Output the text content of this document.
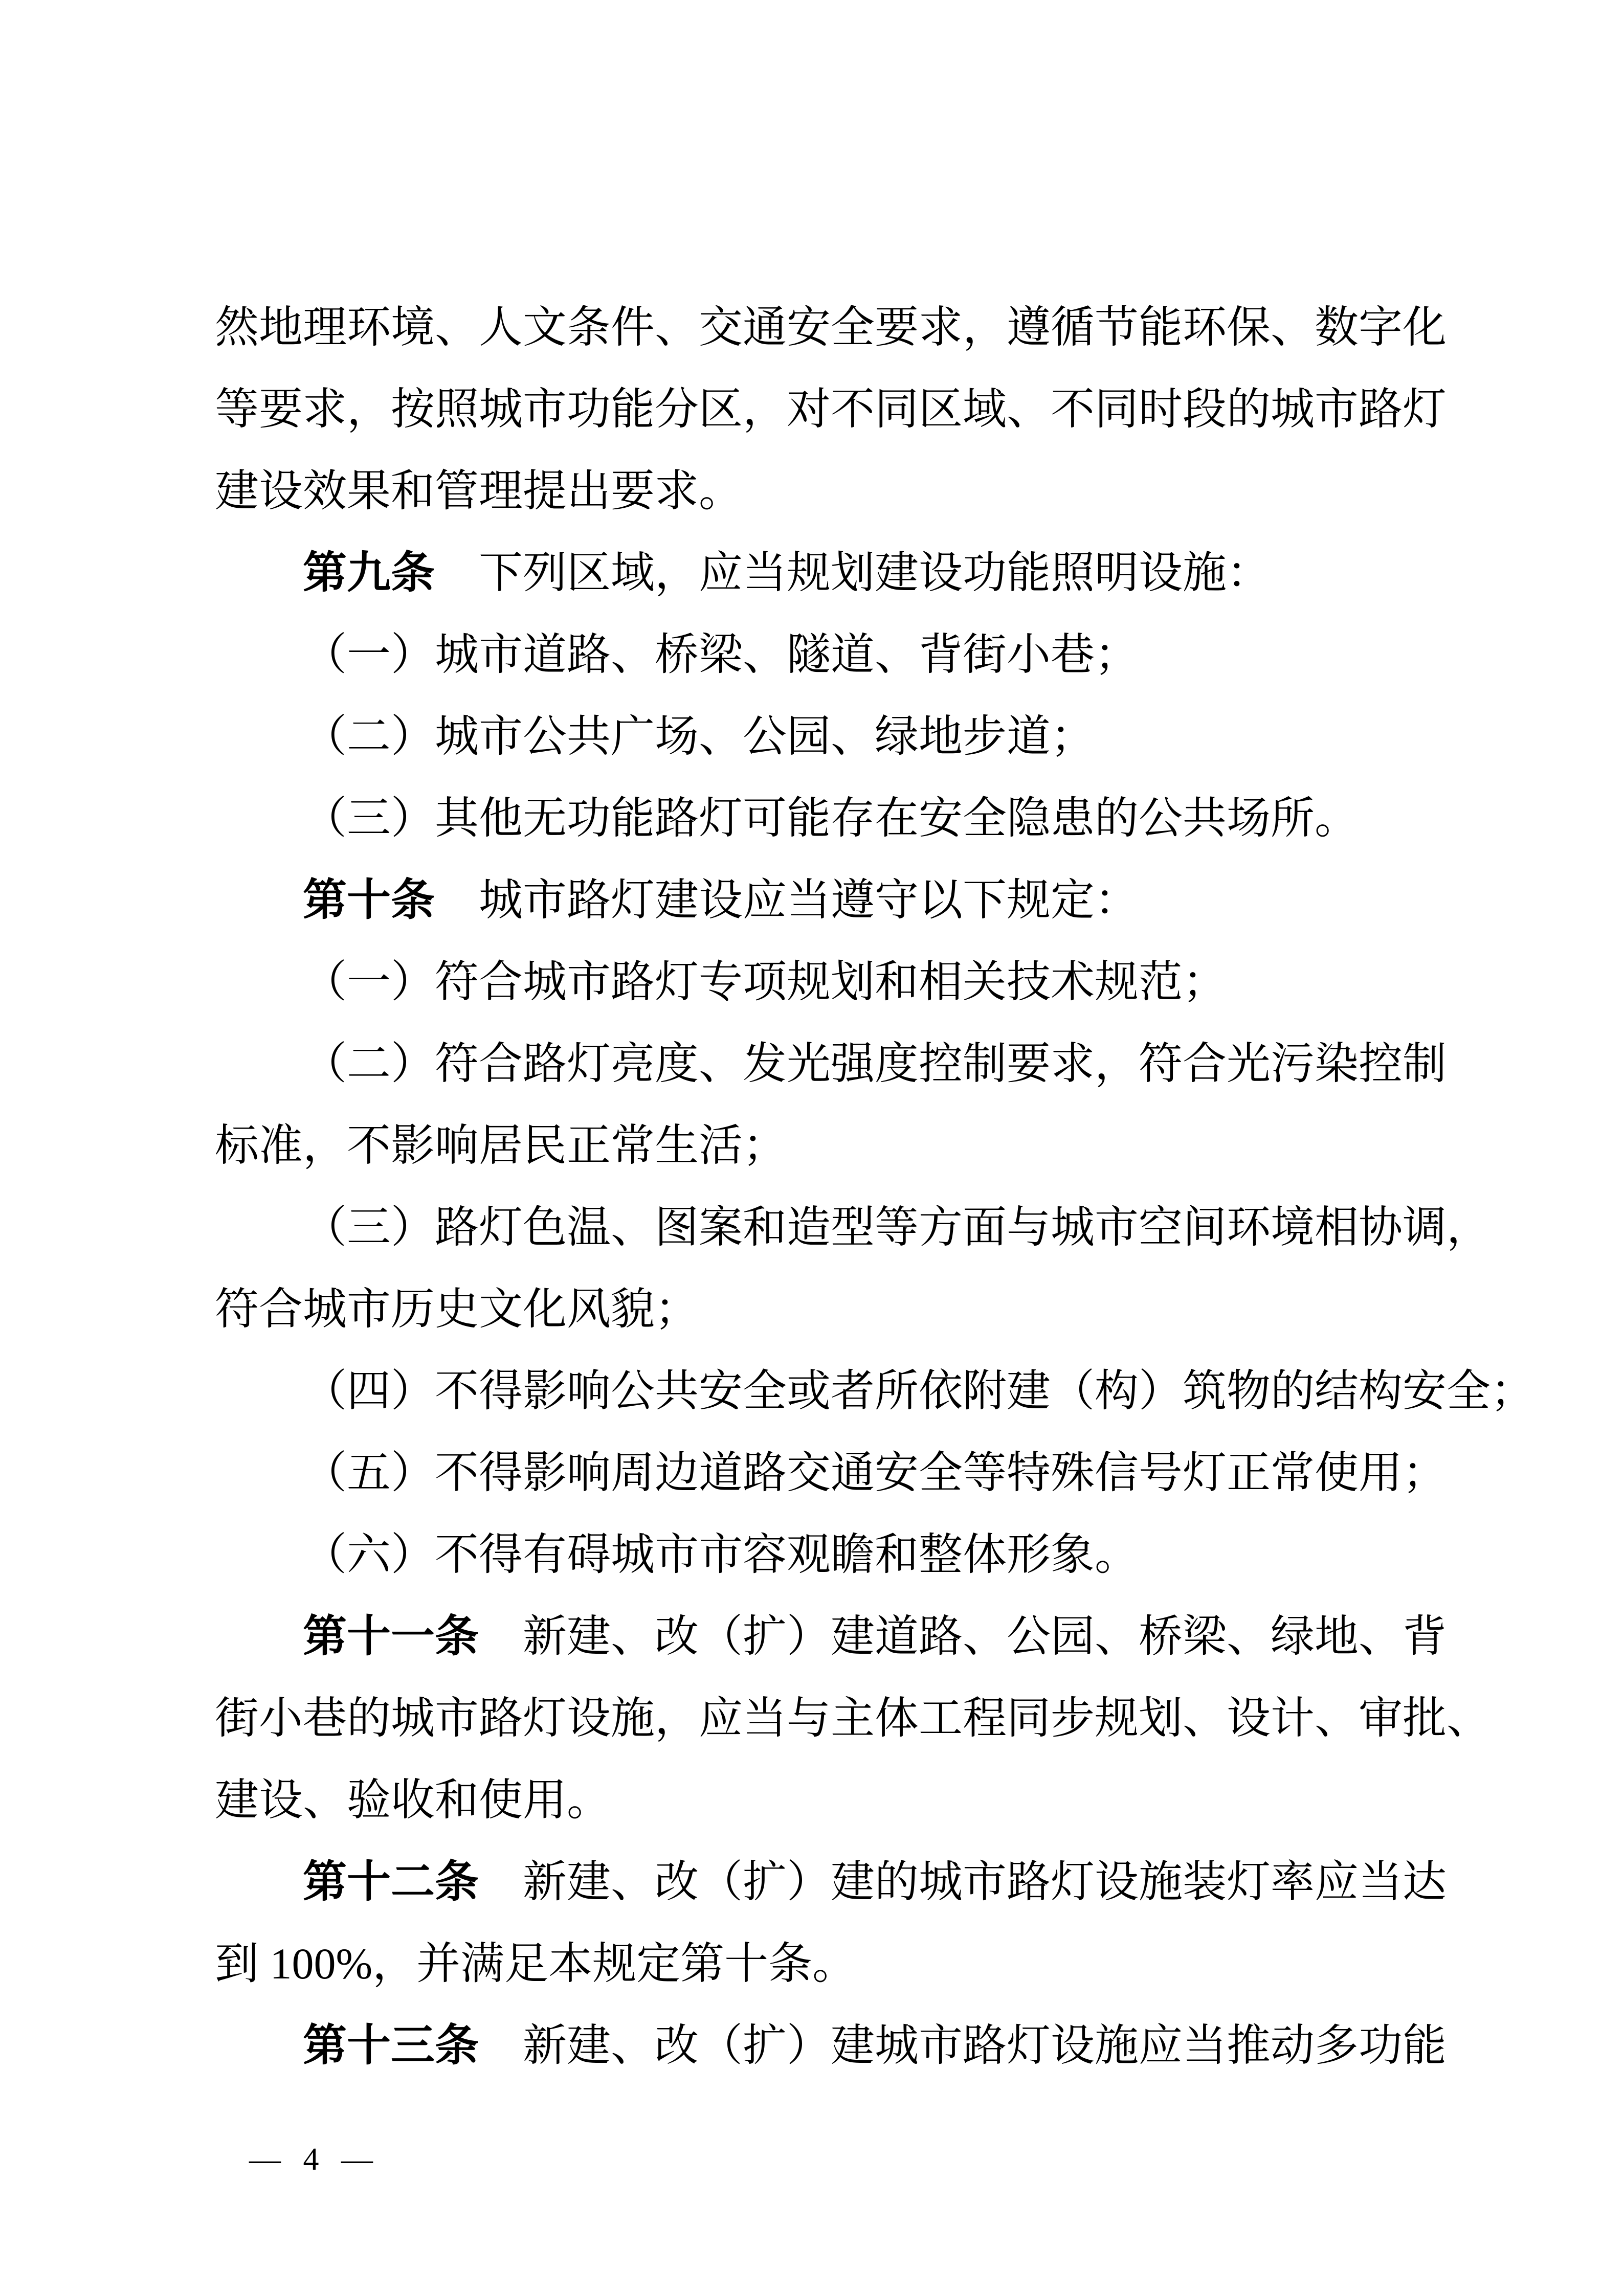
然地理环境、人文条件、交通安全要求，遵循节能环保、数字化

等要求，按照城市功能分区，对不同区域、不同时段的城市路灯

建设效果和管理提出要求。

第九条　下列区域，应当规划建设功能照明设施：

（一）城市道路、桥梁、隧道、背街小巷；

（二）城市公共广场、公园、绿地步道；

（三）其他无功能路灯可能存在安全隐患的公共场所。

第十条　城市路灯建设应当遵守以下规定：

（一）符合城市路灯专项规划和相关技术规范；

（二）符合路灯亮度、发光强度控制要求，符合光污染控制

标准，不影响居民正常生活；

（三）路灯色温、图案和造型等方面与城市空间环境相协调，

符合城市历史文化风貌；

（四）不得影响公共安全或者所依附建（构）筑物的结构安全；

（五）不得影响周边道路交通安全等特殊信号灯正常使用；

（六）不得有碍城市市容观瞻和整体形象。

第十一条　新建、改（扩）建道路、公园、桥梁、绿地、背

街小巷的城市路灯设施，应当与主体工程同步规划、设计、审批、

建设、验收和使用。

第十二条　新建、改（扩）建的城市路灯设施装灯率应当达

到 100%，并满足本规定第十条。

第十三条　新建、改（扩）建城市路灯设施应当推动多功能

— 4 —
